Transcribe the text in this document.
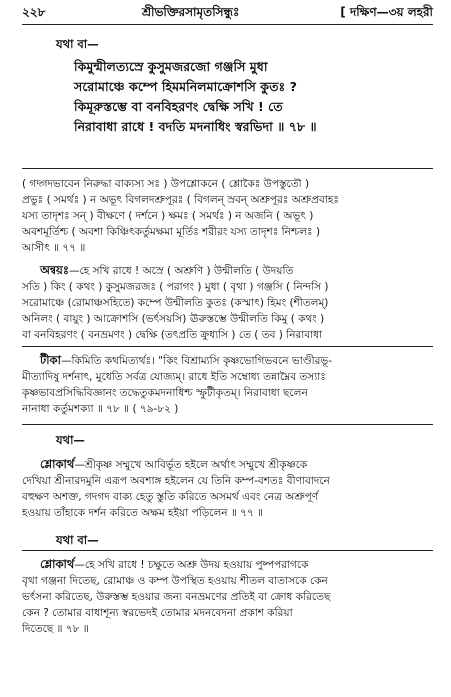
২২৮	শ্রীভক্তিরসামৃতসিন্ধুঃ	[ দক্ষিণ—৩য় লহরী
যথা বা—
কিমুন্মীলত্যস্রে কুসুমজরজো গঞ্জসি মুধা
সরোমাঞ্চে কম্পে হিমমনিলমাক্রোশসি কুতঃ ?
কিমূরুস্তম্ভে বা বনবিহরণং দ্বেক্ষি সখি ! তে
নিরাবাধা রাধে ! বদতি মদনাধিং স্বরভিদা ॥ ৭৮ ॥
( গদ্গদভাবেন নিরুদ্ধা বাক্যস্য সঃ ) উপশ্লোকনে ( শ্লোকৈঃ উপস্তুতৌ )
প্রভুঃ ( সমর্থঃ ) ন অভূৎ বিগলদশ্রুপূরঃ ( বিগলন্ স্রবন্ অশ্রুপূরঃ অশ্রুপ্রবাহঃ
যস্য তাদৃশঃ সন্ ) বীক্ষণে ( দর্শনে ) ক্ষমঃ ( সমর্থঃ ) ন অজনি ( অভূৎ )
অবশমূর্তিশ্চ ( অবশা কিঞ্চিৎকর্তুমক্ষমা মূর্তিঃ শরীরং যস্য তাদৃশঃ নিশ্চলঃ )
আসীৎ ॥ ৭৭ ॥
অন্বয়ঃ—হে সখি রাধে ! অস্রে ( অশ্রুণি ) উন্মীলতি ( উদয়তি
সতি ) কিং ( কথং ) কুসুমজরজঃ ( পরাগং ) মুধা ( বৃথা ) গঞ্জসি ( নিন্দসি )
সরোমাঞ্চে (রোমাঞ্চসহিতে) কম্পে উন্মীলতি কুতঃ (কস্মাৎ) হিমং (শীতলম্)
অনিলং ( বায়ুং ) আক্রোশসি (ভর্ৎসয়সি) ঊরুস্তম্ভে উন্মীলতি কিমু ( কথং )
বা বনবিহরণং ( বনভ্রমণং ) দ্বেক্ষি (তৎপ্রতি ক্রুধ্যসি ) তে ( তব ) নিরাবাধা
টীকা—কিমিতি কথমিত্যর্থঃ। "কিং বিশ্রাম্যসি কৃষ্ণভোগিভবনে ভাণ্ডীরভূ-
মীত্যাদিষু দর্শনাৎ, মুধেতি সর্বত্র যোজ্যম্। রাধে ইতি সম্বোধ্য তন্নাম্নৈব তস্যাঃ
কৃষ্ণভাবপ্রসিদ্ধিবিজ্ঞানং তদ্ধেতুকমদনাধিশ্চ স্ফুটীকৃতম্। নিরাবাধা ছলেন
নানাধা কর্তুমশক্যা ॥ ৭৮ ॥ ( ৭৯-৮২ )
যথা—
শ্লোকার্থ—শ্রীকৃষ্ণ সম্মুখে আবির্ভূত হইলে অর্থাৎ সম্মুখে শ্রীকৃষ্ণকে
দেখিয়া শ্রীনারদমুনি এরূপ অবশাঙ্গ হইলেন যে তিনি কম্প-বশতঃ বীণাবাদনে
বহুক্ষণ অশক্ত, গদগদ বাক্য হেতু স্তুতি করিতে অসমর্থ এবং নেত্র অশ্রুপূর্ণ
হওয়ায় তাঁহাকে দর্শন করিতে অক্ষম হইয়া পড়িলেন ॥ ৭৭ ॥
যথা বা—
শ্লোকার্থ—হে সখি রাধে ! চক্ষুতে অশ্রু উদয় হওয়ায় পুষ্পপরাগকে
বৃথা গঞ্জনা দিতেছ, রোমাঞ্চ ও কম্প উপস্থিত হওয়ায় শীতল বাতাসকে কেন
ভর্ৎসনা করিতেছ, উরুস্তম্ভ হওয়ার জন্য বনভ্রমণের প্রতিই বা ক্রোধ করিতেছ
কেন ? তোমার বাধাশূন্য স্বরভেদই তোমার মদনবেদনা প্রকাশ করিয়া
দিতেছে ॥ ৭৮ ॥
